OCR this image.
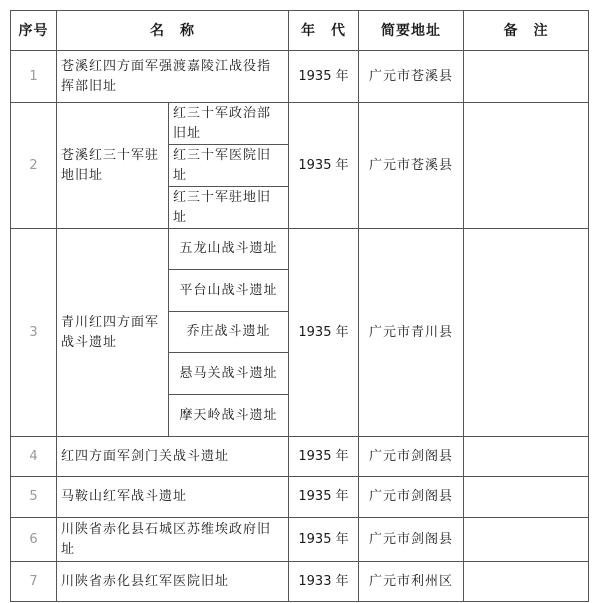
序号	名　称		年　代	简要地址	备　注
1	苍溪红四方面军强渡嘉陵江战役指挥部旧址		1935 年	广元市苍溪县	
2	苍溪红三十军驻地旧址	红三十军政治部旧址	1935 年	广元市苍溪县	
		红三十军医院旧址			
		红三十军驻地旧址			
3	青川红四方面军战斗遗址	五龙山战斗遗址	1935 年	广元市青川县	
		平台山战斗遗址			
		乔庄战斗遗址			
		悬马关战斗遗址			
		摩天岭战斗遗址			
4	红四方面军剑门关战斗遗址		1935 年	广元市剑阁县	
5	马鞍山红军战斗遗址		1935 年	广元市剑阁县	
6	川陕省赤化县石城区苏维埃政府旧址		1935 年	广元市剑阁县	
7	川陕省赤化县红军医院旧址		1933 年	广元市利州区	
